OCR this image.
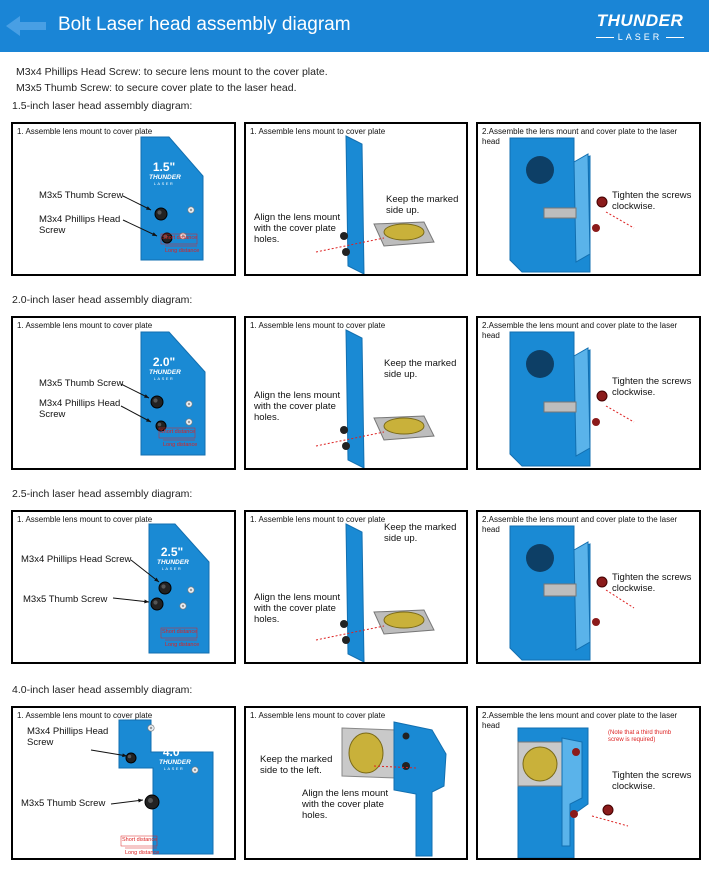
Bolt Laser head assembly diagram	THUNDER
LASER
M3x4 Phillips Head Screw: to secure lens mount to the cover plate.
M3x5 Thumb Screw: to secure cover plate to the laser head.
1.5-inch laser head assembly diagram:
1. Assemble lens mount to cover plate
M3x5 Thumb Screw
M3x4 Phillips Head Screw
1.5"
THUNDER
LASER
Short distance
Long distance
1. Assemble lens mount to cover plate
Keep the marked side up.
Align the lens mount with the cover plate holes.
2.Assemble the lens mount and cover plate to the laser head
Tighten the screws clockwise.
2.0-inch laser head assembly diagram:
1. Assemble lens mount to cover plate
M3x5 Thumb Screw
M3x4 Phillips Head Screw
2.0"
THUNDER
LASER
Short distance
Long distance
1. Assemble lens mount to cover plate
Keep the marked side up.
Align the lens mount with the cover plate holes.
2.Assemble the lens mount and cover plate to the laser head
Tighten the screws clockwise.
2.5-inch laser head assembly diagram:
1. Assemble lens mount to cover plate
M3x4 Phillips Head Screw
M3x5 Thumb Screw
2.5"
THUNDER
LASER
Short distance
Long distance
1. Assemble lens mount to cover plate
Keep the marked side up.
Align the lens mount with the cover plate holes.
2.Assemble the lens mount and cover plate to the laser head
Tighten the screws clockwise.
4.0-inch laser head assembly diagram:
1. Assemble lens mount to cover plate
M3x4 Phillips Head Screw
M3x5 Thumb Screw
4.0"
THUNDER
LASER
Short distance
Long distance
1. Assemble lens mount to cover plate
Keep the marked side to the left.
Align the lens mount with the cover plate holes.
2.Assemble the lens mount and cover plate to the laser head
Tighten the screws clockwise.
(Note that a third thumb screw is required)
